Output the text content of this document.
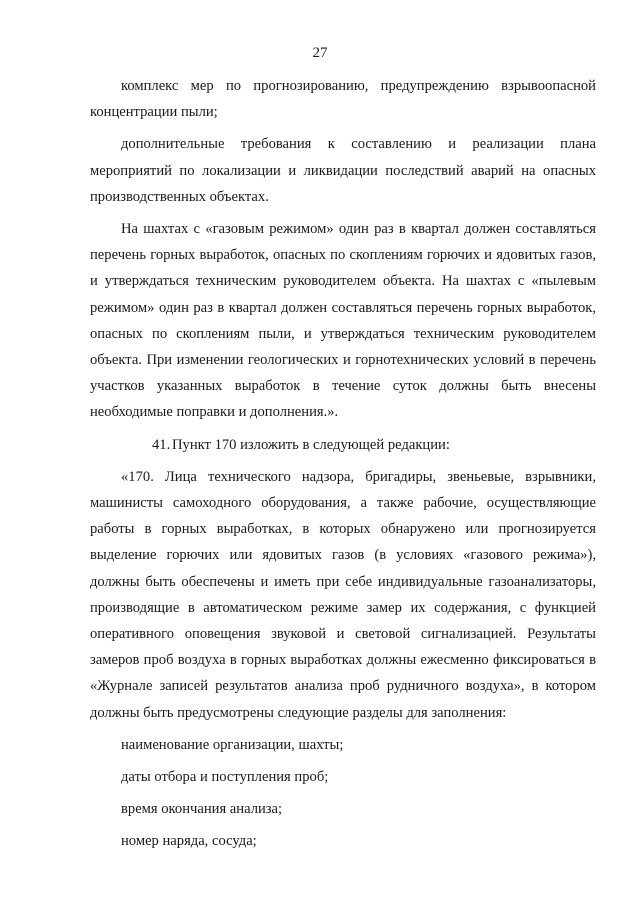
27

комплекс мер по прогнозированию, предупреждению взрывоопасной концентрации пыли;

дополнительные требования к составлению и реализации плана мероприятий по локализации и ликвидации последствий аварий на опасных производственных объектах.

На шахтах с «газовым режимом» один раз в квартал должен составляться перечень горных выработок, опасных по скоплениям горючих и ядовитых газов, и утверждаться техническим руководителем объекта. На шахтах с «пылевым режимом» один раз в квартал должен составляться перечень горных выработок, опасных по скоплениям пыли, и утверждаться техническим руководителем объекта. При изменении геологических и горнотехнических условий в перечень участков указанных выработок в течение суток должны быть внесены необходимые поправки и дополнения.».

41. Пункт 170 изложить в следующей редакции:

«170. Лица технического надзора, бригадиры, звеньевые, взрывники, машинисты самоходного оборудования, а также рабочие, осуществляющие работы в горных выработках, в которых обнаружено или прогнозируется выделение горючих или ядовитых газов (в условиях «газового режима»), должны быть обеспечены и иметь при себе индивидуальные газоанализаторы, производящие в автоматическом режиме замер их содержания, с функцией оперативного оповещения звуковой и световой сигнализацией. Результаты замеров проб воздуха в горных выработках должны ежесменно фиксироваться в «Журнале записей результатов анализа проб рудничного воздуха», в котором должны быть предусмотрены следующие разделы для заполнения:

наименование организации, шахты;

даты отбора и поступления проб;

время окончания анализа;

номер наряда, сосуда;
